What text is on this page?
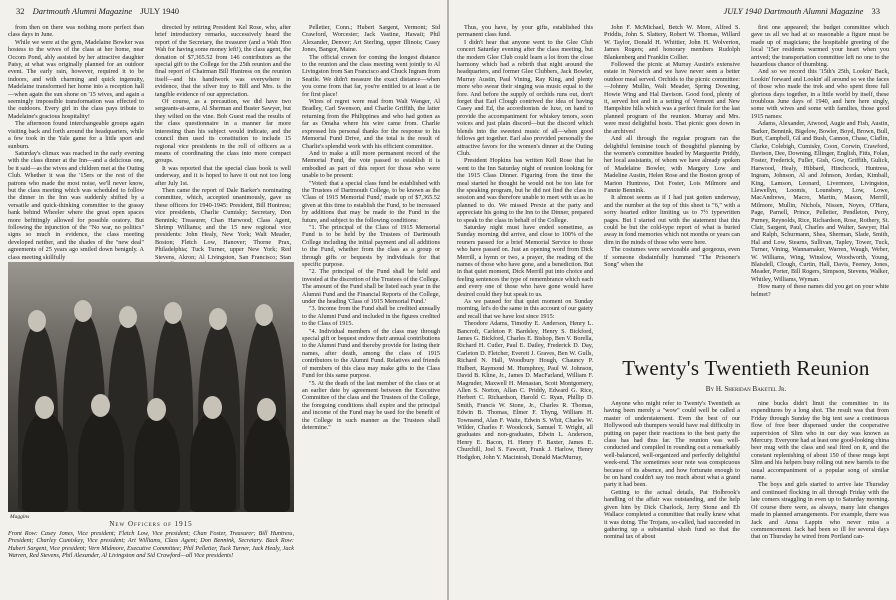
32 Dartmouth Alumni Magazine JULY 1940

from then on there was nothing more perfect than class days in June.

While we were at the gym, Madelaine Bowker was hostess to the wives of the class at her home, near Occom Pond, ably assisted by her attractive daughter Patsy, at what was originally planned for an outdoor event. The early rain, however, required it to be indoors, and with charming and quick ingenuity, Madelaine transformed her home into a reception hall—when again the sun shone on '15 wives, and again a seemingly impossible transformation was effected to the outdoors. Every girl in the class pays tribute to Madelaine's gracious hospitality!

The afternoon found interchangeable groups again visiting back and forth around the headquarters, while a few took in the Yale game for a little sport and sunburn.

Saturday's climax was reached in the early evening with the class dinner at the Inn—and a delicious one, be it said—as the wives and children met at the Outing Club. Whether it was the '15ers or the rest of the patrons who made the most noise, we'll never know, but the class meeting which was scheduled to follow the dinner in the Inn was suddenly shifted by a versatile and quick-thinking committee to the grassy bank behind Wheeler where the great open spaces more befittingly allowed for possible oratory. But following the injunction of the "No war, no politics" signs so much in evidence, the class meeting developed neither, and the shades of the "new deal" agreements of 25 years ago smiled down benignly. A class meeting skillfully

directed by retiring President Kel Rose, who, after brief introductory remarks, successively heard the report of the Secretary, the treasurer (and a Wah Hoo Wah for having some money left!), the class agent, the donation of $7,365.52 from 146 contributors as the special gift to the College for the 25th reunion and the final report of Chairman Bill Huntress on the reunion itself—and his handiwork was everywhere in evidence, that the silver tray to Bill and Mrs. is the tangible evidence of our appreciation.

Of course, as a precaution, we did have two sergeants-at-arms, Al Sherman and Buster Sawyer, but they wilted on the vine. Bob Guest read the results of the class questionnaire in a manner far more interesting than his subject would indicate, and the council then used its constitution to include 15 regional vice presidents in the roll of officers as a means of coordinating the class into more compact groups.

It was reported that the special class book is well underway, and it is hoped to have it out not too long after July 1st.

Then came the report of Dale Barker's nominating committee, which, accepted unanimously, gave us these officers for 1940-1945: President, Bill Huntress; vice presidents, Charlie Cumisky; Secretary, Don Bennink; Treasurer, Chan Harwood; Class Agent, Shrimp Williams; and the 15 new regional vice presidents: John Healy, New York; Walt Meader, Boston; Fletch Low, Hanover; Thorne Prax, Philadelphia; Tuck Turner, upper New York; Red Stevens, Akron; Al Livingston, San Francisco; Stan

Pelletier, Conn.; Hubert Sargent, Vermont; Sid Crawford, Worcester; Jack Vastine, Hawaii; Phil Alexander, Denver; Art Sterling, upper Illinois; Casey Jones, Bangor, Maine.

The official crown for coming the longest distance to the reunion and the class meeting went jointly to Al Livingston from San Francisco and Chuck Ingram from Seattle. We didn't measure the exact distance—when you come from that far, you're entitled to at least a tie for first place!

Wires of regret were read from Walt Wanger, Al Bradley, Carl Swenson, and Charlie Griffith, the latter returning from the Philippines and who had gotten as far as Omaha where his wire came from. Charlie expressed his personal thanks for the response to his Memorial Fund Drive, and the total is the result of Charlie's splendid work with his efficient committee.

And to make a still more permanent record of the Memorial Fund, the vote passed to establish it is embodied as part of this report for those who were unable to be present:

"Voted: that a special class fund be established with the Trustees of Dartmouth College, to be known as the 'Class of 1915 Memorial Fund,' made up of $7,365.52 given at this time to establish the Fund, to be increased by additions that may be made to the Fund in the future, and subject to the following conditions:

"1. The principal of the Class of 1915 Memorial Fund is to be held by the Trustees of Dartmouth College including the initial payment and all additions to the Fund, whether from the class as a group or through gifts or bequests by individuals for that specific purpose.

"2. The principal of the Fund shall be held and invested at the discretion of the Trustees of the College. The amount of the Fund shall be listed each year in the Alumni Fund and the Financial Reports of the College, under the heading 'Class of 1915 Memorial Fund.'

"3. Income from the Fund shall be credited annually to the Alumni Fund and included in the figures credited to the Class of 1915.

"4. Individual members of the class may through special gift or bequest endow their annual contributions to the Alumni Fund and thereby provide for listing their names, after death, among the class of 1915 contributors to the Alumni Fund. Relatives and friends of members of this class may make gifts to the Class Fund for this same purpose.

"5. At the death of the last member of the class or at an earlier date by agreement between the Executive Committee of the class and the Trustees of the College, the foregoing conditions shall expire and the principal and income of the Fund may be used for the benefit of the College in such manner as the Trustees shall determine."

Maggins
New Officers of 1915
Front Row: Casey Jones, Vice president; Fletch Low, Vice president; Chan Foster, Treasurer; Bill Huntress, President; Charley Cumiskey, Vice president; Art Williams, Class Agent; Don Bennink, Secretary. Back Row: Hubert Sargent, Vice president; Vern Midmore, Executive Committee; Phil Pelletier, Tuck Turner, Jack Healy, Jack Warren, Red Stevens, Phil Alexander, Al Livingston and Sid Crawford—all Vice presidents!
JULY 1940 Dartmouth Alumni Magazine 33

Thus, you have, by your gifts, established this permanent class fund.

I didn't hear that anyone went to the Glee Club concert Saturday evening after the class meeting, but the modern Glee Club could learn a lot from the close harmony which had a rebirth that night around the headquarters, and former Glee Clubbers, Jack Bowler, Murray Austin, Paul Vining, Ray King, and plenty more who swear their singing was music equal to the fore. And before the supply of orchids runs out, don't forget that Earl Clough contrived the idea of having Casey and Ed, the accordionists de luxe, on hand to provide the accompaniment for whiskey tenors, soon voices and just plain discord—but the discord which blends into the sweetest music of all—when good fellows get together. Earl also provided personally the attractive favors for the women's dinner at the Outing Club.

President Hopkins has written Kell Rose that he went to the Inn Saturday night of reunion looking for the 1915 Class Dinner. Figuring from the time the meal started he thought he would not be too late for the speaking program, but he did not find the class in session and was therefore unable to meet with us as he planned to do. We missed Prexie at the party and appreciate his going to the Inn to the Dinner, prepared to speak to the class in behalf of the College.

Saturday night must have ended sometime, as Sunday morning did arrive, and close to 100% of the reuners passed for a brief Memorial Service to those who have passed on. Just an opening word from Dick Merrill, a hymn or two, a prayer, the reading of the names of those who have gone, and a benediction. But in that quiet moment, Dick Merrill put into choice and feeling sentences the type of remembrance which each and every one of those who have gone would have desired could they but speak to us.

As we paused for that quiet moment on Sunday morning, let's do the same in this account of our gaiety and recall that we have lost since 1915:

Theodore Adams, Timothy E. Anderson, Henry L. Bancroft, Carleton P. Bardsley, Henry S. Bickford, James G. Bickford, Charles E. Bishop, Ben V. Borella, Richard H. Cutler, Paul E. Dailey, Frederick D. Day, Carleton D. Fletcher, Everett J. Graves, Ben W. Gulls, Richard N. Hall, Woodbury Hough, Chauncy P. Hulbert, Raymond M. Humphrey, Paul W. Johnson, David B. Kline, Jr., James D. MacFarland, William F. Magruder, Maxwell H. Menasian, Scott Montgomery, Allen S. Norton, Allan C. Priddy, Edward G. Rice, Herbert C. Richardson, Harold C. Ryan, Phillip D. Smith, Francis W. Stone, Jr., Charles R. Thomas, Edwin B. Thomas, Elmer F. Thyng, William H. Townsend, Alan F. Waite, Edwin S. Whit, Charles W. Wilder, Charles F. Woodcock, Samuel T. Wright, all graduates and non-graduates, Edwin L. Anderson, Henry E. Bacon, H. Henry F. Baxter, James E. Churchill, Joel S. Fawcett, Frank J. Harlow, Henry Hodgdon, John Y. Macintosh, Donald MacMurray,

John F. McMichael, Betch W. More, Alfred S. Priddis, John S. Slattery, Robert W. Thomas, Willard W. Taylor, Donald H. Whittier, John H. Wolverton, James Rogers; and honorary members Rudolph Blankenberg and Franklin Collier.

Followed the picnic at Murray Austin's extensive estate in Norwich and we have never seen a better outdoor meal served. Orchids to the picnic committee:—Johnny Mullin, Walt Meader, Spring Downing, Howie Wing and Hal Davison. Good food, plenty of it, served hot and in a setting of Vermont and New Hampshire hills which was a perfect finale for the last planned program of the reunion. Murray and Mrs. were most delightful hosts. That picnic goes down in the archives!

And all through the regular program ran the delightful feminine touch of thoughtful planning by the women's committee headed by Marguerite Priddy, her local assistants, of whom we have already spoken of Madelaine Bowler, with Margery Low and Madeline Austin, Helen Rose and the Boston group of Marion Huntress, Dot Foster, Lois Milmore and Fannie Bennink.

It almost seems as if I had just gotten underway, and the number at the top of this sheet is "6," with a sorry hearted editor limiting us to 7½ typewritten pages. But I started out with the statement that this could be but the cold-type report of what is buried away in fond memories which not months or years can dim in the minds of those who were here.

The costumes were serviceable and gorgeous, even if someone disdainfully hummed "The Prisoner's Song" when the

first one appeared; the budget committee which gave us all we had at so reasonable a figure must be made up of magicians; the hospitable greeting of the local '15er residents warmed your heart when you arrived; the transportation committee left no one to the hazardous chance of thumbing.

And so we record this '15th's 25th, Lookin' Back, Lookin' forward and Lookin' all around so we the faces of those who made the trek and who spent three full glorious days together, in a little world by itself, these troublous June days of 1940, and here here singly, some with wives and some with families, those good 1915 names:

Adams, Alexander, Atwood, Augie and Fish, Austin, Barker, Bennink, Bigelow, Bowler, Boyd, Brown, Bull, Burt, Campbell, Gil and Bush, Cannon, Chase, Claflin, Clarke, Colebigh, Cumisky, Coon, Corwin, Crawford, Davison, Dee, Downing, Ellinger, English, Fitts, Folan, Foster, Frederick, Fuller, Gish, Gow, Griffith, Gulick, Harwood, Healy, Hibbard, Hinchcock, Huntress, Ingram, Johnson, Al and Johnson, Jordan, Kimball, King, Lamson, Leonard, Livermore, Livingston, Llewellyn, Loomis, Lounsbery, Low, Lowe, MacAndrews, Macro, Martin, Mason, Merrill, Milmore, Mullin, Nichols, Nissen, Noyes, O'Hara, Page, Parnell, Prince, Pelletier, Pendleton, Perry, Purney, Reynolds, Rice, Richardson, Rose, Rothery, St. Clair, Sargent, Paul, Charles and Walter, Sawyer, Hal and Ralph, Schurmann, Shea, Sherman, Slade, Smith, Hal and Low, Stearns, Sullivan, Tapley, Tower, Tuck, Turner, Vining, Wannamaker, Warren, Waugh, Weber, W. Williams, Wing, Winslow, Woodworth, Young, Blaisdell, Clough, Curtin, Hall, Davis, Feeney, Jones, Meader, Porter, Bill Rogers, Simpson, Stevens, Walker, Whitley, Williams, Wyman.

How many of these names did you get on your white helmet?

Twenty's Twentieth Reunion
By H. Sheridan Baketel Jr.

Anyone who might refer to Twenty's Twentieth as having been merely a "wow" could well be called a master of understatement. Even the best of our Hollywood sub thumpers would have real difficulty in putting on paper their reactions to the best party the class has had thus far. The reunion was well-conducted and compiled in rounding out a remarkably well-balanced, well-organized and perfectly delightful week-end. The sometimes sour note was conspicuous because of its absence, and how fortunate enough to be on hand couldn't say too much about what a grand party it had been.

Getting to the actual details, Pat Holbrook's handling of the affair was outstanding, and the help given him by Dick Charlock, Jerry Stone and Eb Wallace completed a committee that really knew what it was doing. The Trojans, so-called, had succeeded in gathering up a substantial slush fund so that the nominal tax of about

nine bucks didn't limit the committee in its expenditures by a long shot. The result was that from Friday through Sunday the big tent saw a continuous flow of free beer dispensed under the cooperative supervision of Slim who in our day was known as Mercury. Everyone had at least one good-looking china beer mug with the class and seal fired on it, and the constant replenishing of about 150 of these mugs kept Slim and his helpers busy rolling out new barrels to the usual accompaniment of a popular song of similar name.

The boys and girls started to arrive late Thursday and continued flocking in all through Friday with the late comers straggling in even up to Saturday morning. Of course there were, as always, many late changes made in planned arrangements. For example, there was Jack and Anna Lappin who never miss a commencement. Jack had been so ill for several days that on Thursday he wired from Portland can-
